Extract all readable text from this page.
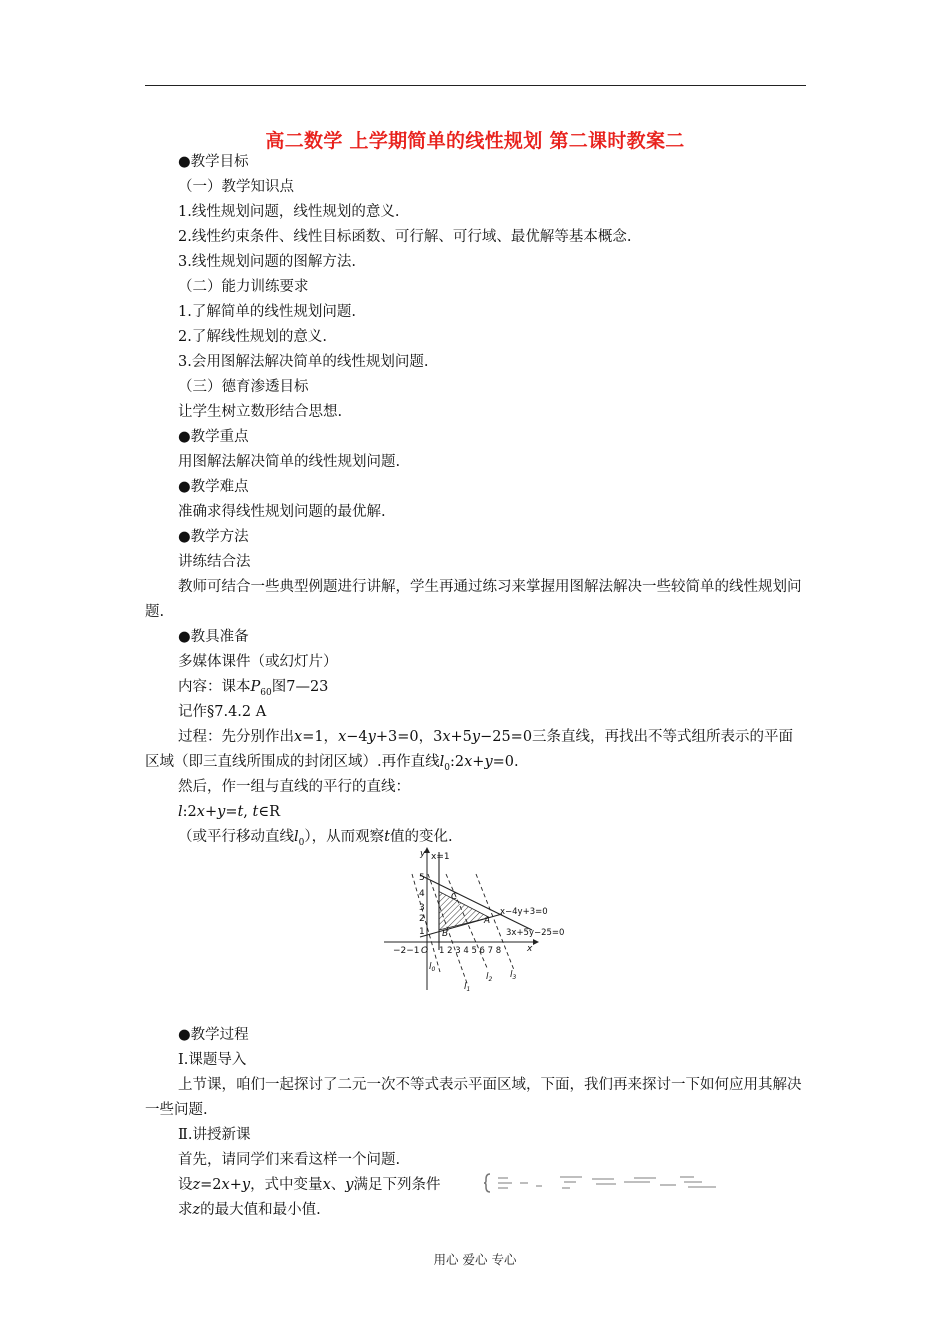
高二数学 上学期简单的线性规划 第二课时教案二
●教学目标
（一）教学知识点
1.线性规划问题，线性规划的意义.
2.线性约束条件、线性目标函数、可行解、可行域、最优解等基本概念.
3.线性规划问题的图解方法.
（二）能力训练要求
1.了解简单的线性规划问题.
2.了解线性规划的意义.
3.会用图解法解决简单的线性规划问题.
（三）德育渗透目标
让学生树立数形结合思想.
●教学重点
用图解法解决简单的线性规划问题.
●教学难点
准确求得线性规划问题的最优解.
●教学方法
讲练结合法
教师可结合一些典型例题进行讲解，学生再通过练习来掌握用图解法解决一些较简单的线性规划问题.
●教具准备
多媒体课件（或幻灯片）
内容：课本$P_{60}$图7—23
记作§7.4.2 A
过程：先分别作出x=1，x−4y+3=0，3x+5y−25=0三条直线，再找出不等式组所表示的平面区域（即三直线所围成的封闭区域）.再作直线$l_0:2x+y=0$.
然后，作一组与直线的平行的直线：
l:2x+y=t, t∈R
（或平行移动直线$l_0$），从而观察t值的变化.
y x=1
5
4
3
2
1
C
A
B
x−4y+3=0
3x+5y−25=0
−2−1 O 1 2 3 4 5 6 7 8	x
$l_0$
$l_1$
$l_2$ $l_3$
●教学过程
Ⅰ.课题导入
上节课，咱们一起探讨了二元一次不等式表示平面区域，下面，我们再来探讨一下如何应用其解决一些问题.
Ⅱ.讲授新课
首先，请同学们来看这样一个问题.
设z=2x+y，式中变量x、y满足下列条件
求z的最大值和最小值.
用心 爱心 专心
